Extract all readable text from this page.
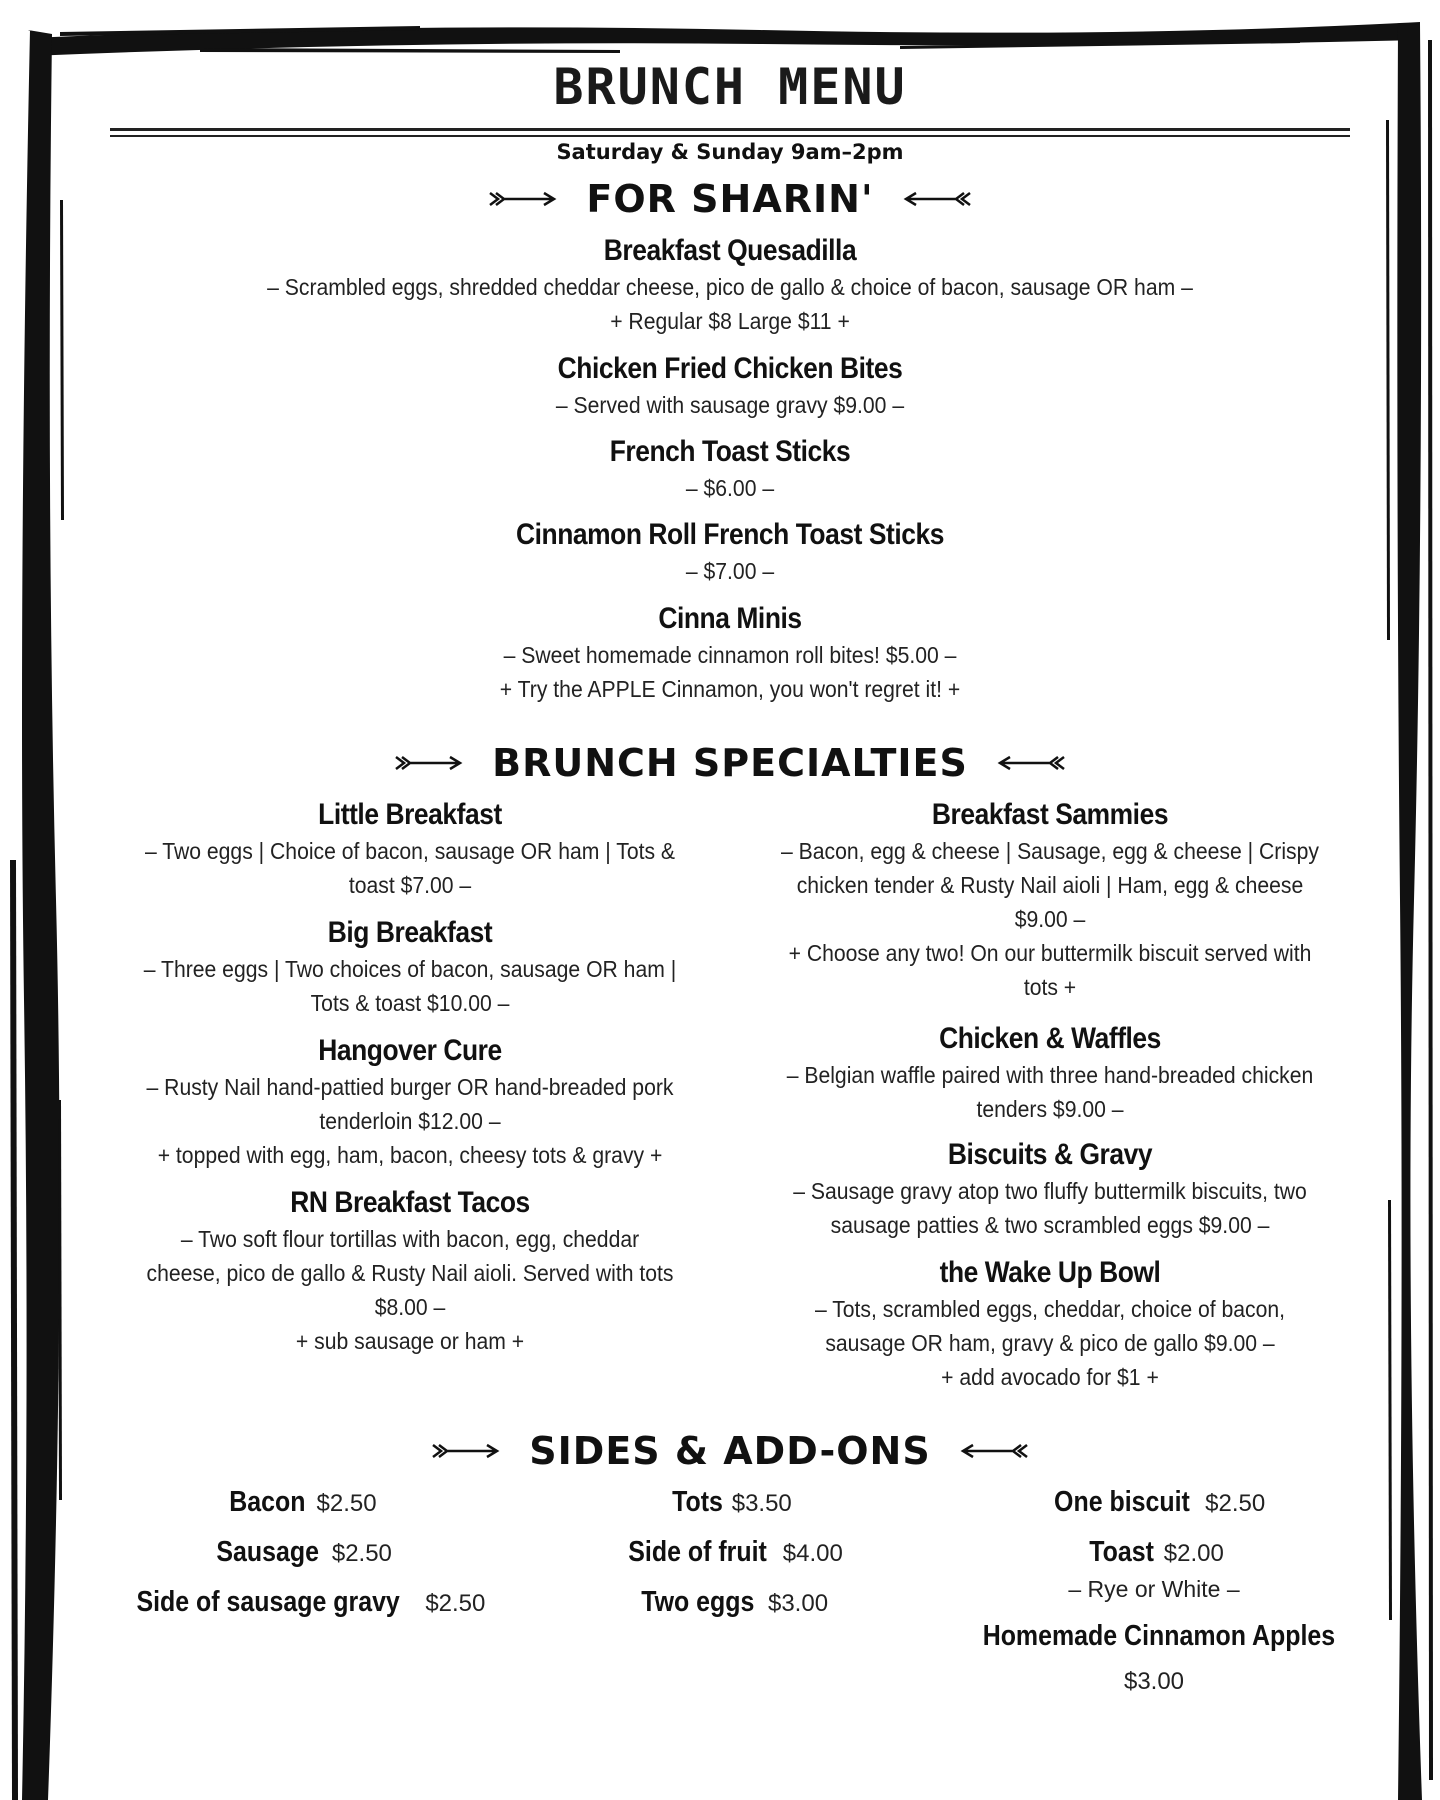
BRUNCH MENU
Saturday & Sunday 9am–2pm
FOR SHARIN'
Breakfast Quesadilla
– Scrambled eggs, shredded cheddar cheese, pico de gallo & choice of bacon, sausage OR ham –
+ Regular $8 Large $11 +
Chicken Fried Chicken Bites
– Served with sausage gravy $9.00 –
French Toast Sticks
– $6.00 –
Cinnamon Roll French Toast Sticks
– $7.00 –
Cinna Minis
– Sweet homemade cinnamon roll bites! $5.00 –
+ Try the APPLE Cinnamon, you won't regret it! +
BRUNCH SPECIALTIES
Little Breakfast
– Two eggs | Choice of bacon, sausage OR ham | Tots &
toast $7.00 –
Big Breakfast
– Three eggs | Two choices of bacon, sausage OR ham |
Tots & toast $10.00 –
Hangover Cure
– Rusty Nail hand-pattied burger OR hand-breaded pork
tenderloin $12.00 –
+ topped with egg, ham, bacon, cheesy tots & gravy +
RN Breakfast Tacos
– Two soft flour tortillas with bacon, egg, cheddar
cheese, pico de gallo & Rusty Nail aioli. Served with tots
$8.00 –
+ sub sausage or ham +
Breakfast Sammies
– Bacon, egg & cheese | Sausage, egg & cheese | Crispy
chicken tender & Rusty Nail aioli | Ham, egg & cheese
$9.00 –
+ Choose any two! On our buttermilk biscuit served with
tots +
Chicken & Waffles
– Belgian waffle paired with three hand-breaded chicken
tenders $9.00 –
Biscuits & Gravy
– Sausage gravy atop two fluffy buttermilk biscuits, two
sausage patties & two scrambled eggs $9.00 –
the Wake Up Bowl
– Tots, scrambled eggs, cheddar, choice of bacon,
sausage OR ham, gravy & pico de gallo $9.00 –
+ add avocado for $1 +
SIDES & ADD-ONS
Bacon $2.50
Sausage $2.50
Side of sausage gravy $2.50
Tots $3.50
Side of fruit $4.00
Two eggs $3.00
One biscuit $2.50
Toast $2.00
– Rye or White –
Homemade Cinnamon Apples
$3.00
